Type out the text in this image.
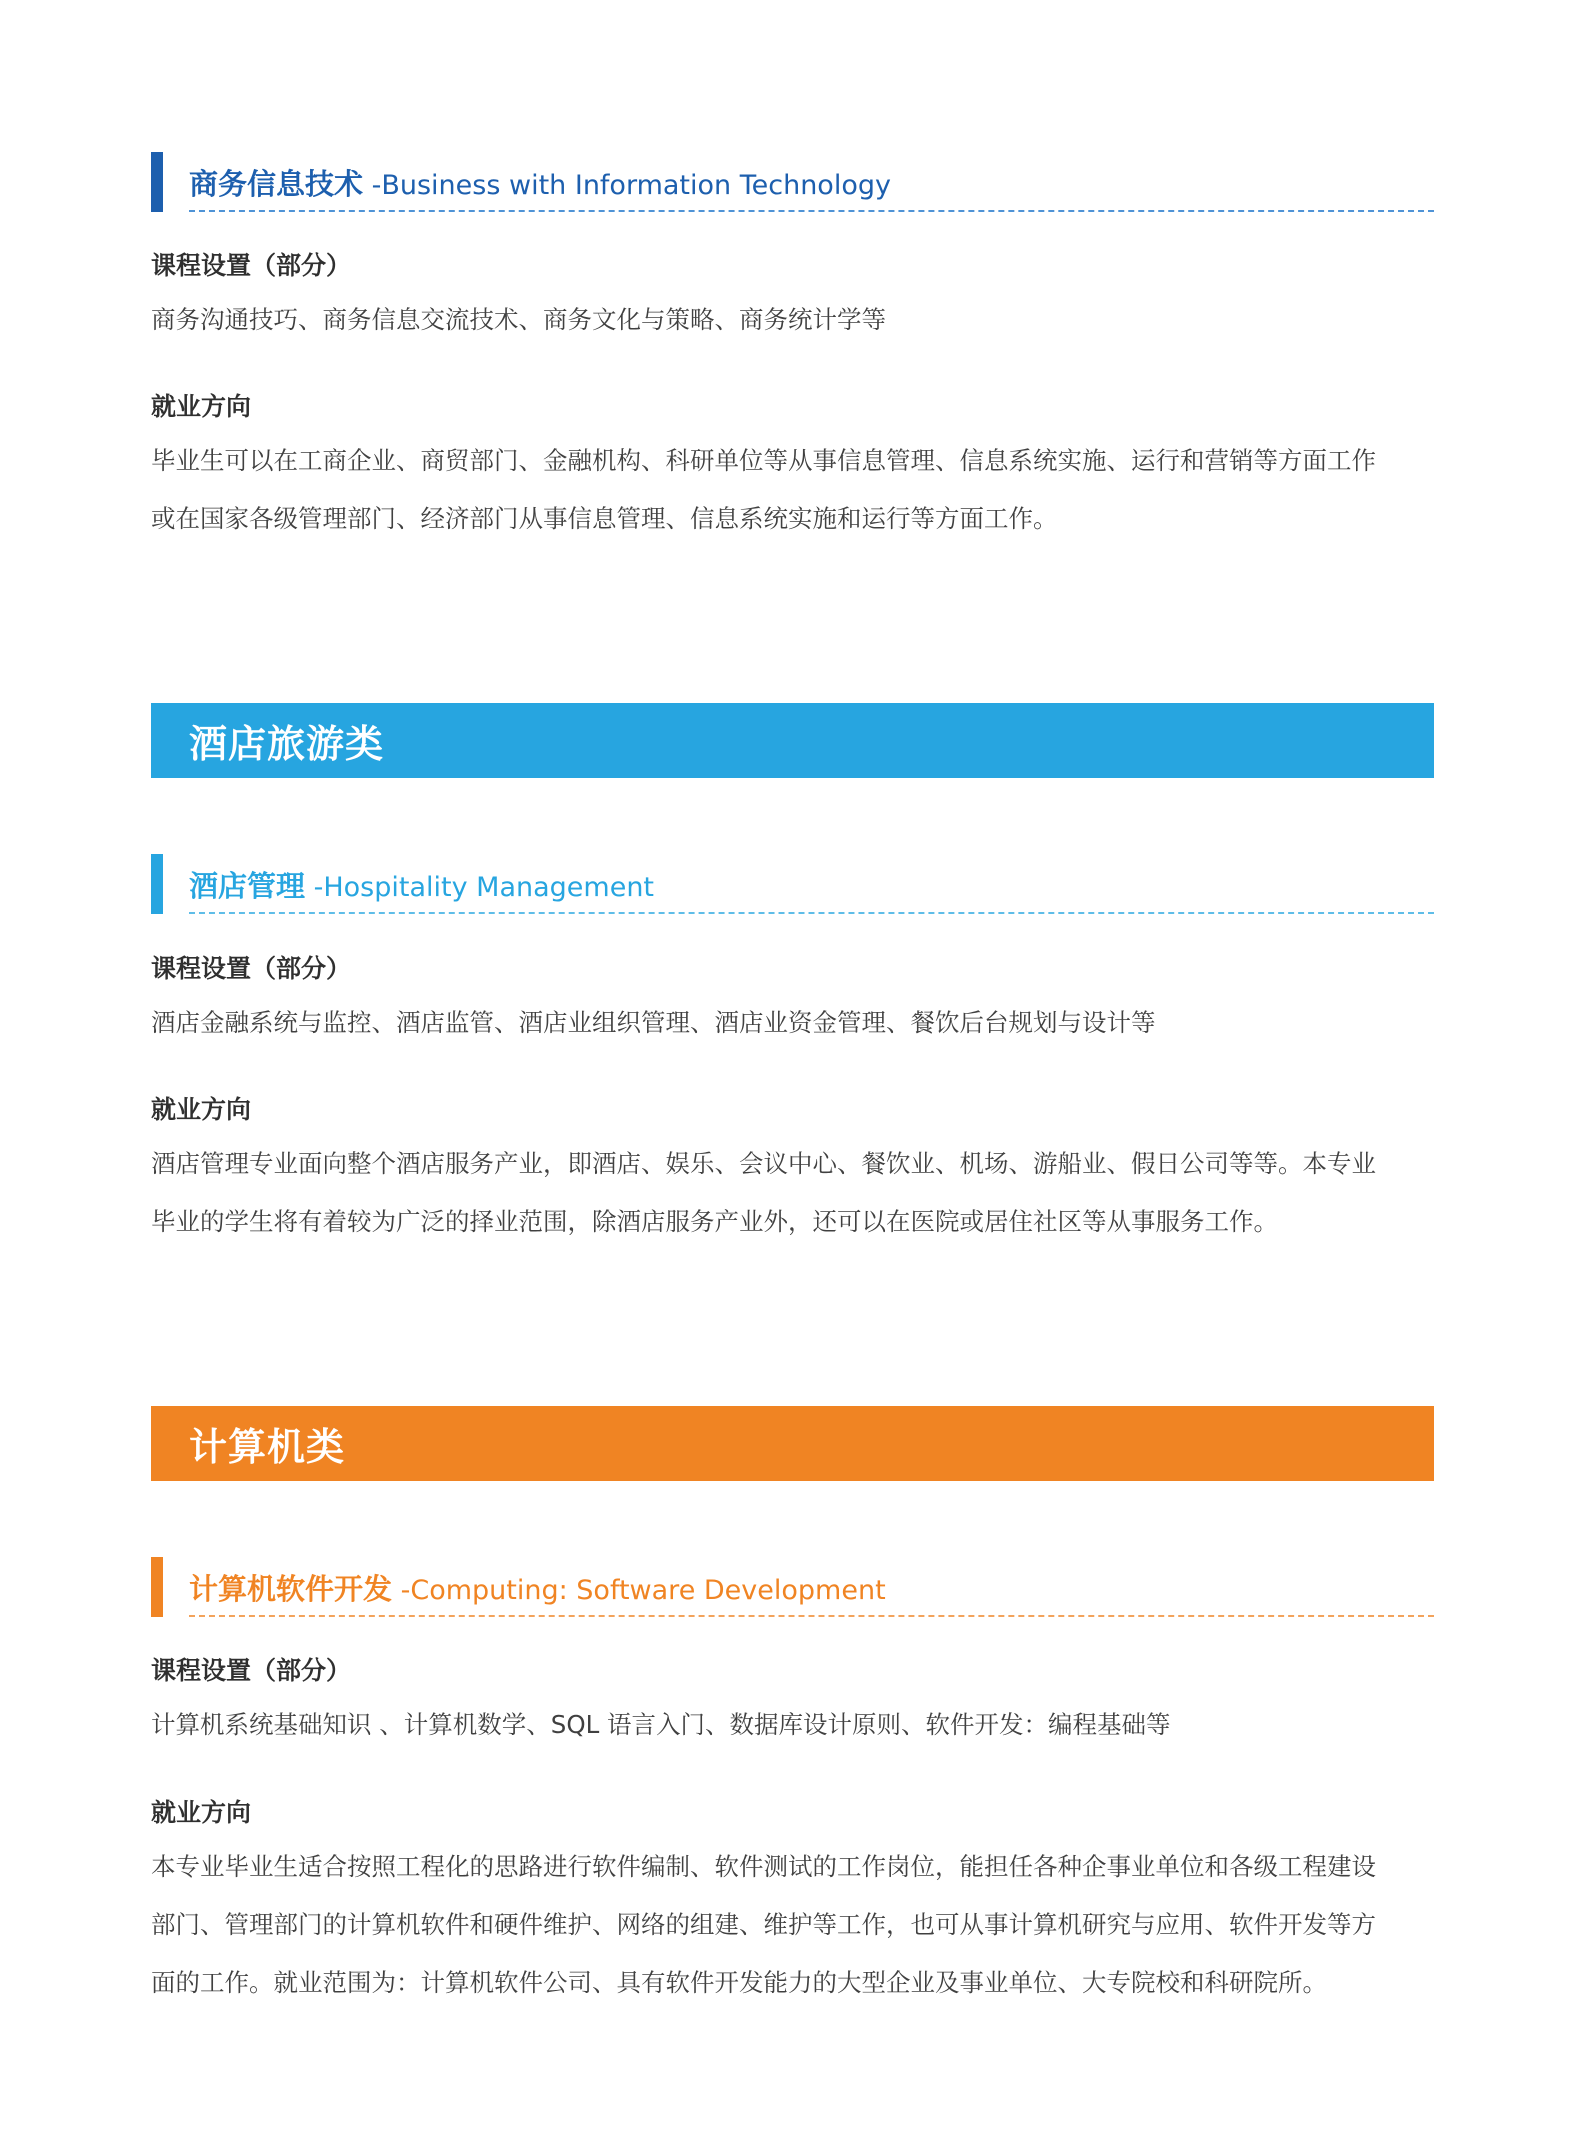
商务信息技术 -Business with Information Technology
课程设置（部分）
商务沟通技巧、商务信息交流技术、商务文化与策略、商务统计学等
就业方向
毕业生可以在工商企业、商贸部门、金融机构、科研单位等从事信息管理、信息系统实施、运行和营销等方面工作
或在国家各级管理部门、经济部门从事信息管理、信息系统实施和运行等方面工作。
酒店旅游类
酒店管理 -Hospitality Management
课程设置（部分）
酒店金融系统与监控、酒店监管、酒店业组织管理、酒店业资金管理、餐饮后台规划与设计等
就业方向
酒店管理专业面向整个酒店服务产业，即酒店、娱乐、会议中心、餐饮业、机场、游船业、假日公司等等。本专业
毕业的学生将有着较为广泛的择业范围，除酒店服务产业外，还可以在医院或居住社区等从事服务工作。
计算机类
计算机软件开发 -Computing: Software Development
课程设置（部分）
计算机系统基础知识 、计算机数学、SQL 语言入门、数据库设计原则、软件开发：编程基础等
就业方向
本专业毕业生适合按照工程化的思路进行软件编制、软件测试的工作岗位，能担任各种企事业单位和各级工程建设
部门、管理部门的计算机软件和硬件维护、网络的组建、维护等工作，也可从事计算机研究与应用、软件开发等方
面的工作。就业范围为：计算机软件公司、具有软件开发能力的大型企业及事业单位、大专院校和科研院所。
